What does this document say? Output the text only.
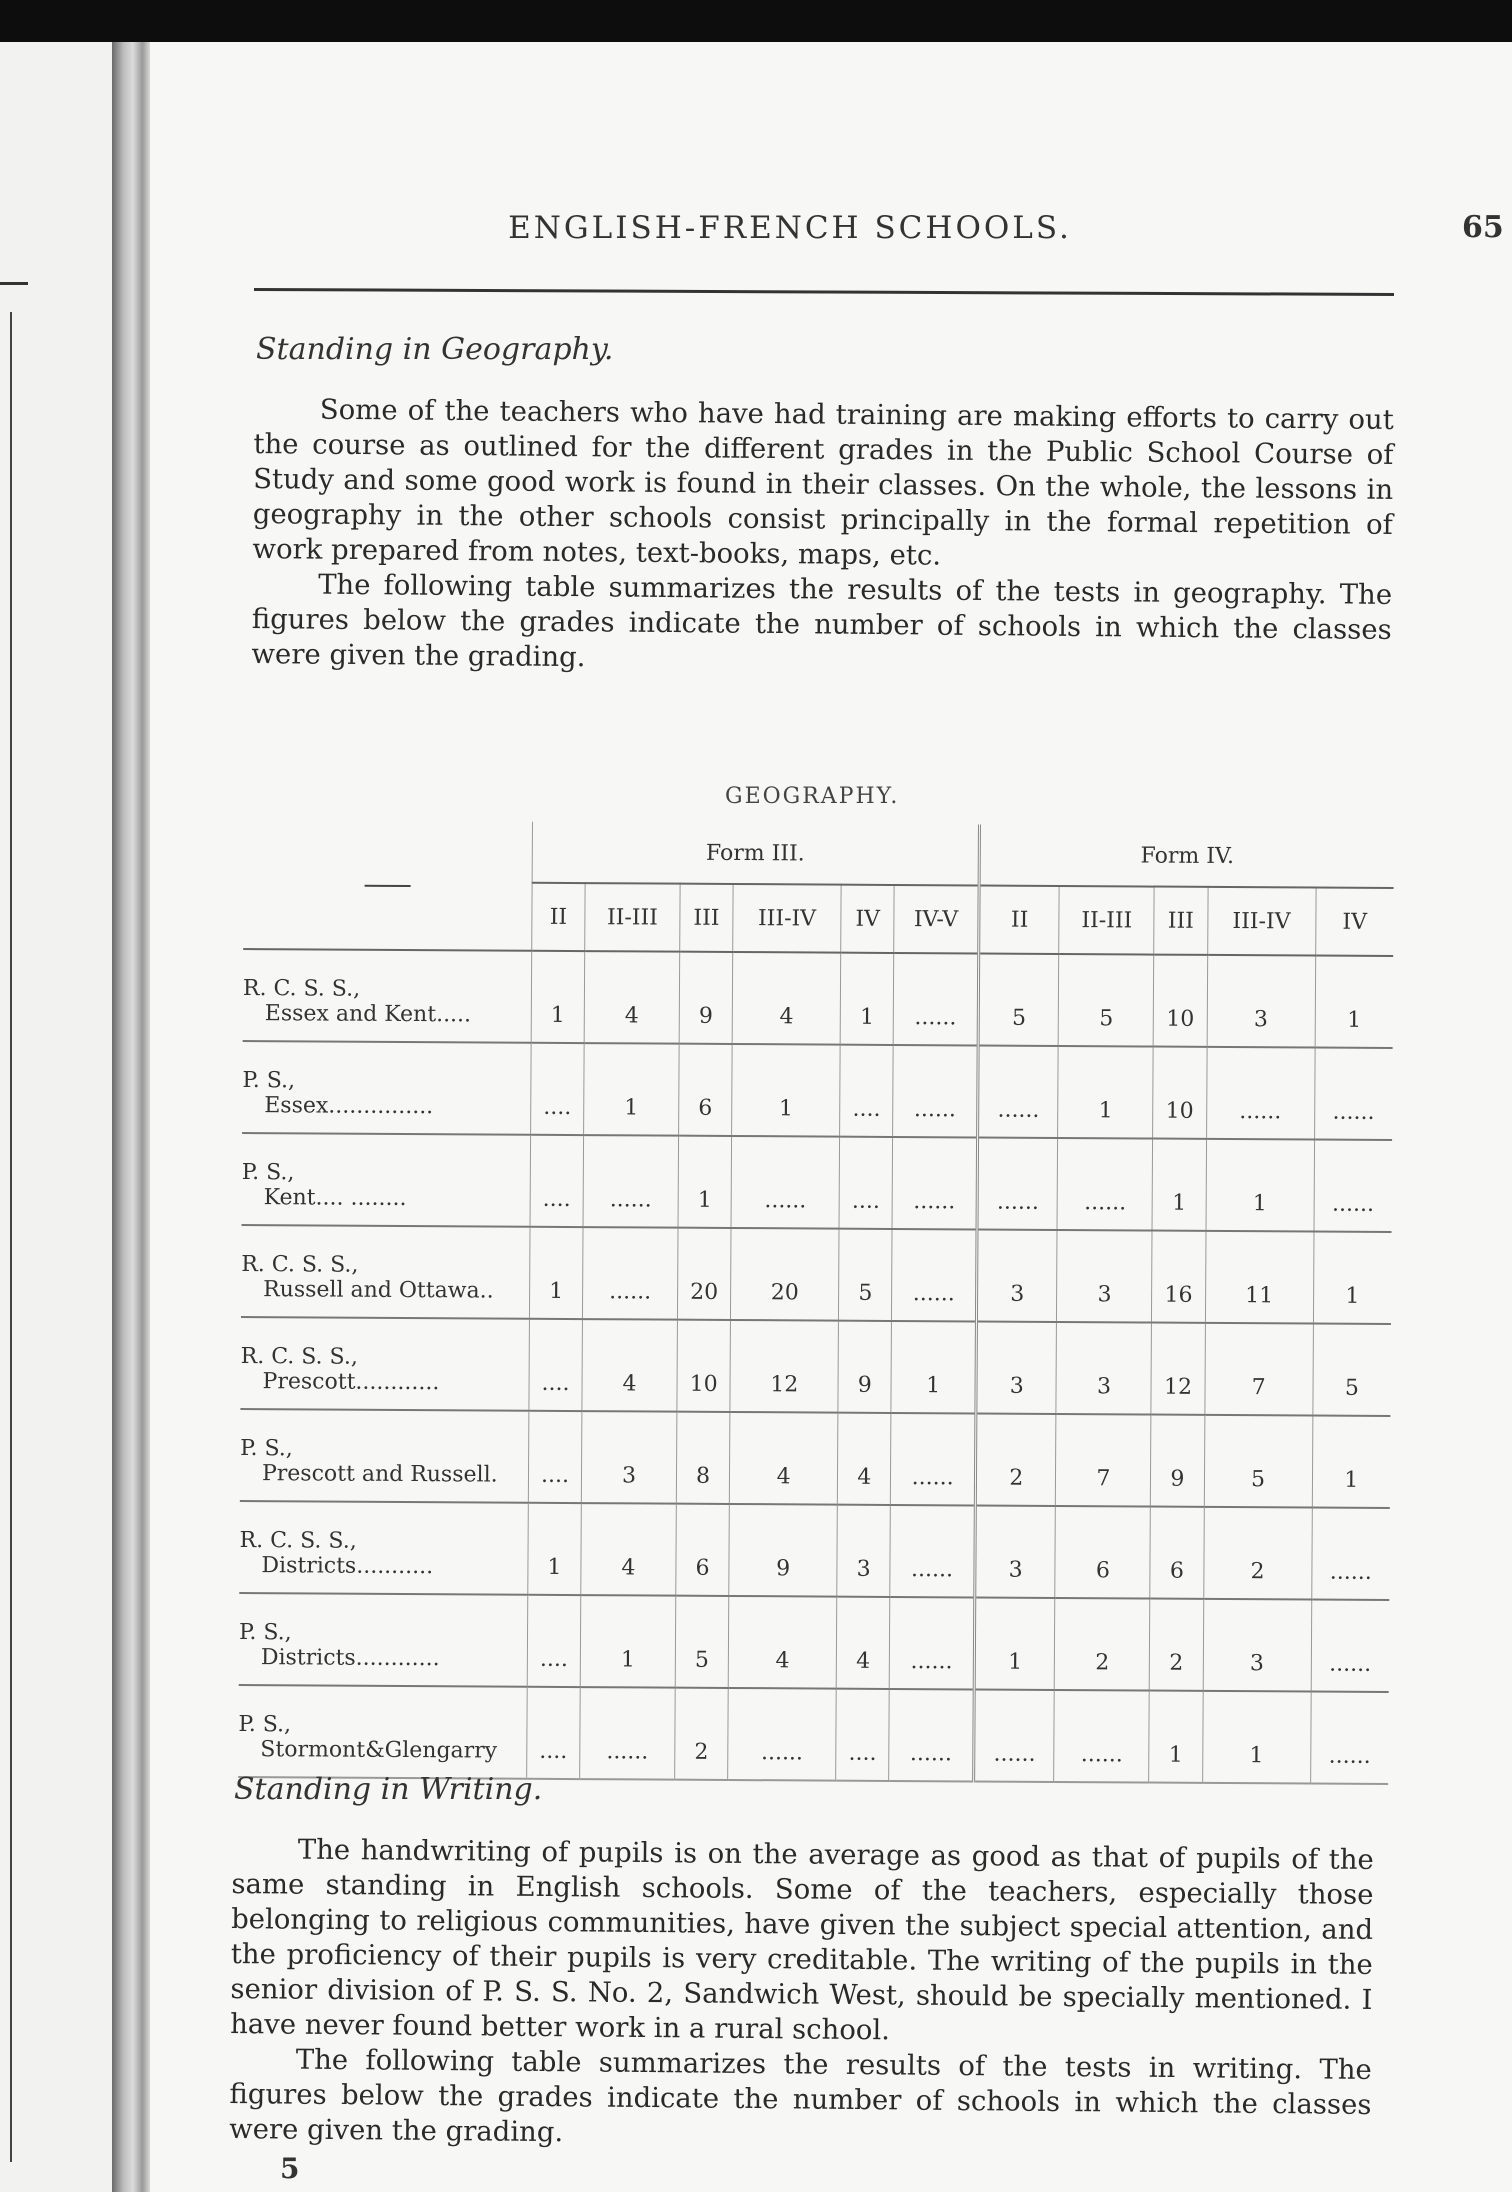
ENGLISH-FRENCH SCHOOLS.	65
Standing in Geography.

Some of the teachers who have had training are making efforts to carry out the course as outlined for the different grades in the Public School Course of Study and some good work is found in their classes. On the whole, the lessons in geography in the other schools consist principally in the formal repetition of work prepared from notes, text-books, maps, etc.

The following table summarizes the results of the tests in geography. The figures below the grades indicate the number of schools in which the classes were given the grading.

GEOGRAPHY.
	Form III.						Form IV.				
	II	II-III	III	III-IV	IV	IV-V	II	II-III	III	III-IV	IV

R. C. S. S.,
Essex and Kent.....	1	4	9	4	1	......	5	5	10	3	1

P. S.,
Essex...............	....	1	6	1	....	......	......	1	10	......	......

P. S.,
Kent.... ........	....	......	1	......	....	......	......	......	1	1	......

R. C. S. S.,
Russell and Ottawa..	1	......	20	20	5	......	3	3	16	11	1

R. C. S. S.,
Prescott............	....	4	10	12	9	1	3	3	12	7	5

P. S.,
Prescott and Russell.	....	3	8	4	4	......	2	7	9	5	1

R. C. S. S.,
Districts...........	1	4	6	9	3	......	3	6	6	2	......

P. S.,
Districts............	....	1	5	4	4	......	1	2	2	3	......

P. S.,
Stormont&Glengarry	....	......	2	......	....	......	......	......	1	1	......
Standing in Writing.

The handwriting of pupils is on the average as good as that of pupils of the same standing in English schools. Some of the teachers, especially those belonging to religious communities, have given the subject special attention, and the proficiency of their pupils is very creditable. The writing of the pupils in the senior division of P. S. S. No. 2, Sandwich West, should be specially mentioned. I have never found better work in a rural school.

The following table summarizes the results of the tests in writing. The figures below the grades indicate the number of schools in which the classes were given the grading.

5
